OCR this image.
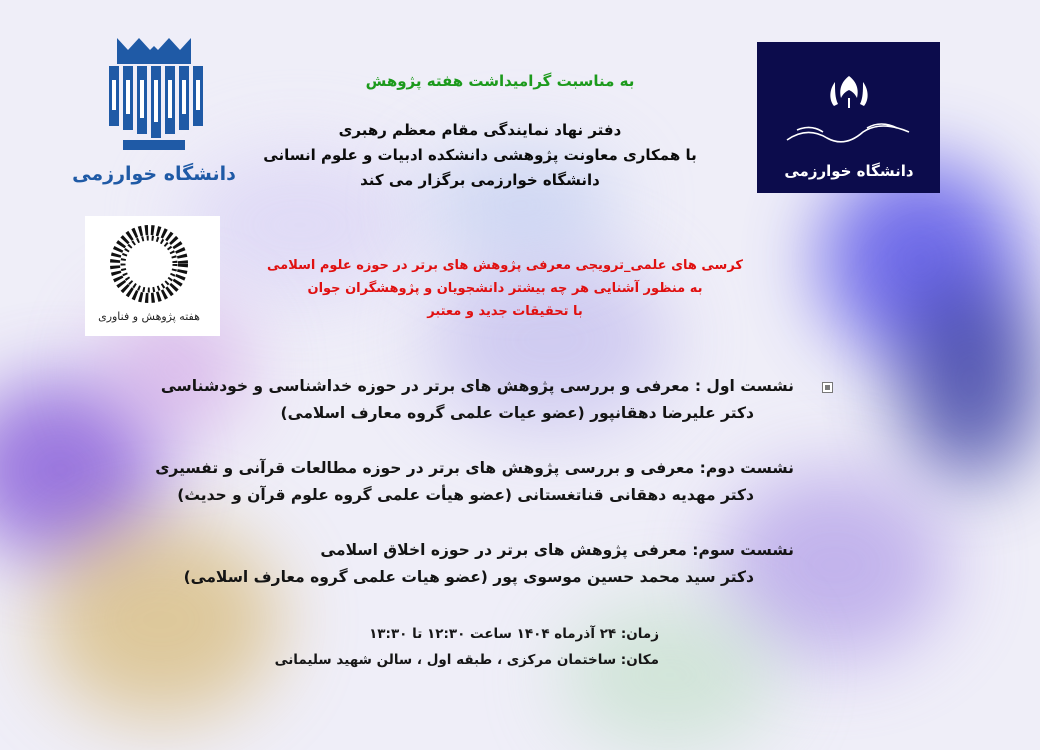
دانشگاه خوارزمی	دانشگاه خوارزمی
هفته پژوهش و فناوری
به مناسبت گرامیداشت هفته پژوهش
دفتر نهاد نمایندگی مقام معظم رهبری
با همکاری معاونت پژوهشی دانشکده ادبیات و علوم انسانی
دانشگاه خوارزمی برگزار می کند
کرسی های علمی_ترویجی معرفی پژوهش های برتر در حوزه علوم اسلامی
به منظور آشنایی هر چه بیشتر دانشجویان و پژوهشگران جوان
با تحقیقات جدید و معتبر
نشست اول : معرفی و بررسی پژوهش های برتر در حوزه خداشناسی و خودشناسی
دکتر علیرضا دهقانپور (عضو عیات علمی گروه معارف اسلامی)
نشست دوم: معرفی و بررسی پژوهش های برتر در حوزه مطالعات قرآنی و تفسیری
دکتر مهدیه دهقانی قناتغستانی (عضو هیأت علمی گروه علوم قرآن و حدیث)
نشست سوم: معرفی پژوهش های برتر در حوزه اخلاق اسلامی
دکتر سید محمد حسین موسوی پور (عضو هیات علمی گروه معارف اسلامی)
زمان: ۲۴ آذرماه ۱۴۰۴ ساعت ۱۲:۳۰ تا ۱۳:۳۰
مکان: ساختمان مرکزی ، طبقه اول ، سالن شهید سلیمانی
